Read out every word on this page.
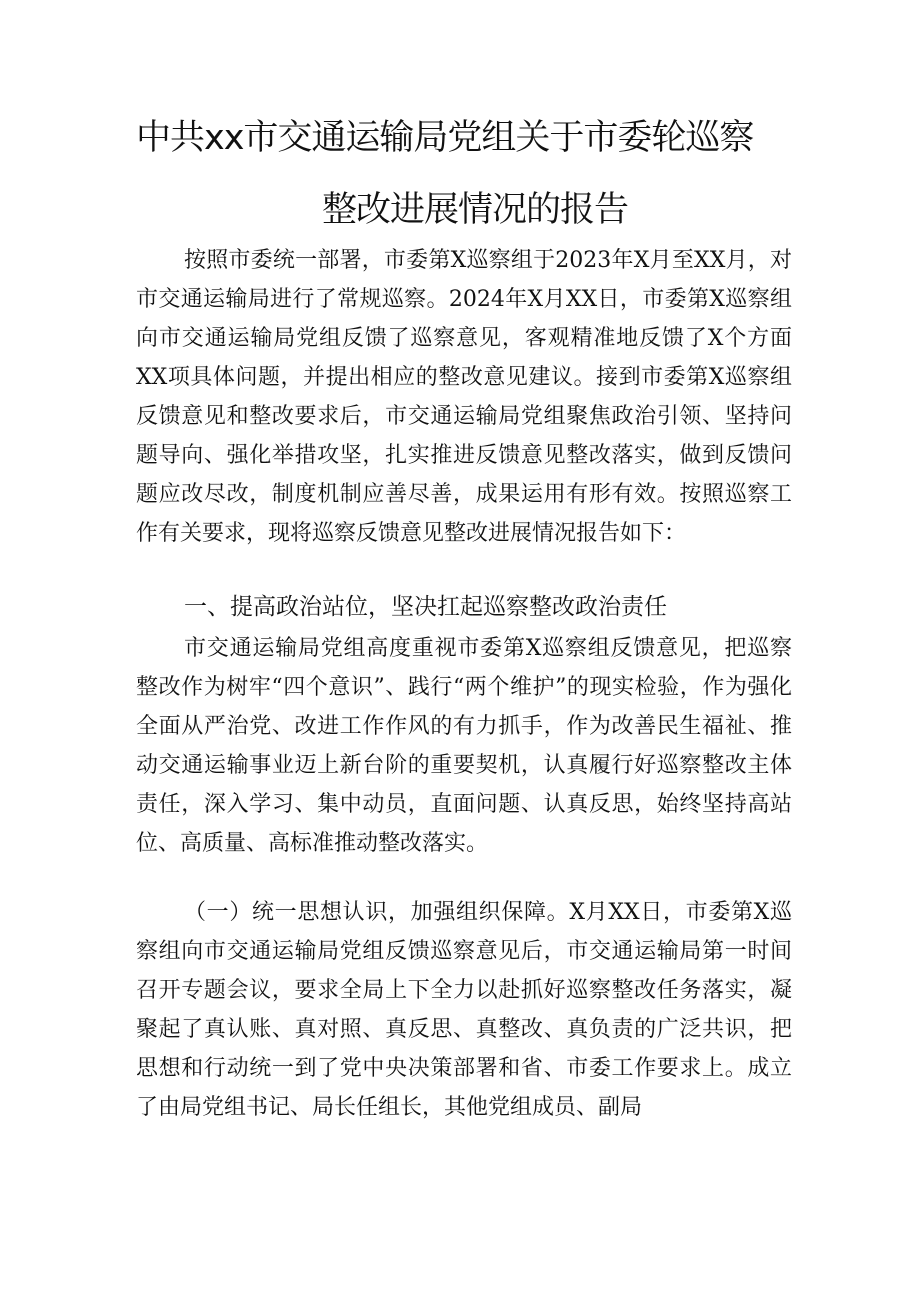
中共xx市交通运输局党组关于市委轮巡察
整改进展情况的报告

按照市委统一部署，市委第X巡察组于2023年X月至XX月，对市交通运输局进行了常规巡察。2024年X月XX日，市委第X巡察组向市交通运输局党组反馈了巡察意见，客观精准地反馈了X个方面XX项具体问题，并提出相应的整改意见建议。接到市委第X巡察组反馈意见和整改要求后，市交通运输局党组聚焦政治引领、坚持问题导向、强化举措攻坚，扎实推进反馈意见整改落实，做到反馈问题应改尽改，制度机制应善尽善，成果运用有形有效。按照巡察工作有关要求，现将巡察反馈意见整改进展情况报告如下：

一、提高政治站位，坚决扛起巡察整改政治责任

市交通运输局党组高度重视市委第X巡察组反馈意见，把巡察整改作为树牢“四个意识”、践行“两个维护”的现实检验，作为强化全面从严治党、改进工作作风的有力抓手，作为改善民生福祉、推动交通运输事业迈上新台阶的重要契机，认真履行好巡察整改主体责任，深入学习、集中动员，直面问题、认真反思，始终坚持高站位、高质量、高标准推动整改落实。

（一）统一思想认识，加强组织保障。X月XX日，市委第X巡察组向市交通运输局党组反馈巡察意见后，市交通运输局第一时间召开专题会议，要求全局上下全力以赴抓好巡察整改任务落实，凝聚起了真认账、真对照、真反思、真整改、真负责的广泛共识，把思想和行动统一到了党中央决策部署和省、市委工作要求上。成立了由局党组书记、局长任组长，其他党组成员、副局
